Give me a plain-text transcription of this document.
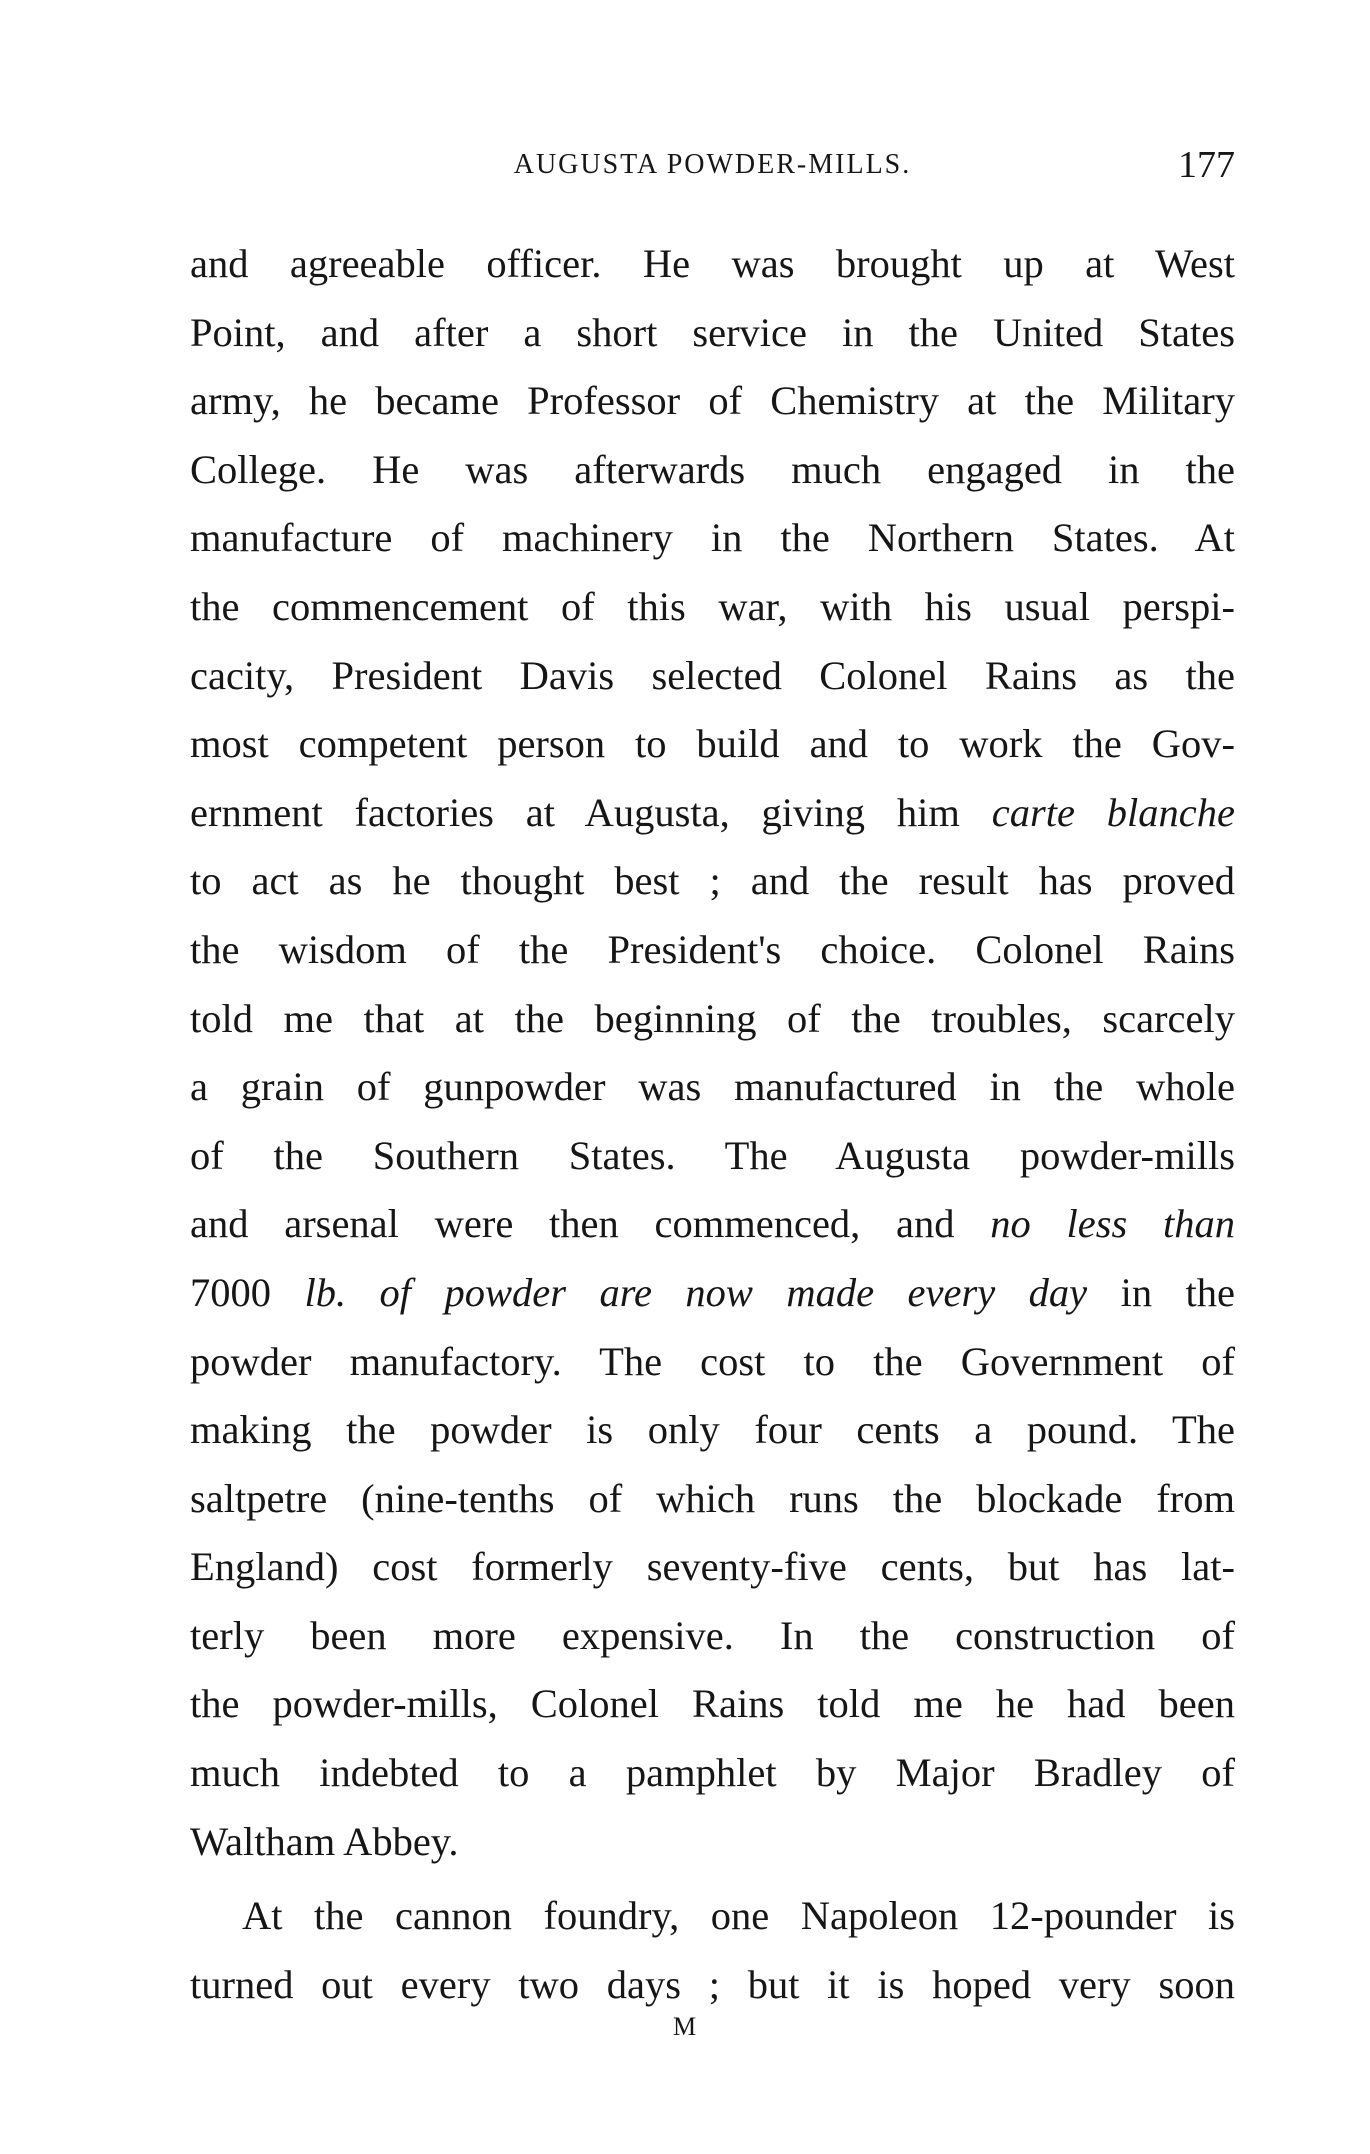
AUGUSTA POWDER-MILLS.	177
and agreeable officer. He was brought up at West
Point, and after a short service in the United States
army, he became Professor of Chemistry at the Military
College. He was afterwards much engaged in the
manufacture of machinery in the Northern States. At
the commencement of this war, with his usual perspi-
cacity, President Davis selected Colonel Rains as the
most competent person to build and to work the Gov-
ernment factories at Augusta, giving him carte blanche
to act as he thought best ; and the result has proved
the wisdom of the President's choice. Colonel Rains
told me that at the beginning of the troubles, scarcely
a grain of gunpowder was manufactured in the whole
of the Southern States. The Augusta powder-mills
and arsenal were then commenced, and no less than
7000 lb. of powder are now made every day in the
powder manufactory. The cost to the Government of
making the powder is only four cents a pound. The
saltpetre (nine-tenths of which runs the blockade from
England) cost formerly seventy-five cents, but has lat-
terly been more expensive. In the construction of
the powder-mills, Colonel Rains told me he had been
much indebted to a pamphlet by Major Bradley of
Waltham Abbey.
At the cannon foundry, one Napoleon 12-pounder is
turned out every two days ; but it is hoped very soon
M
